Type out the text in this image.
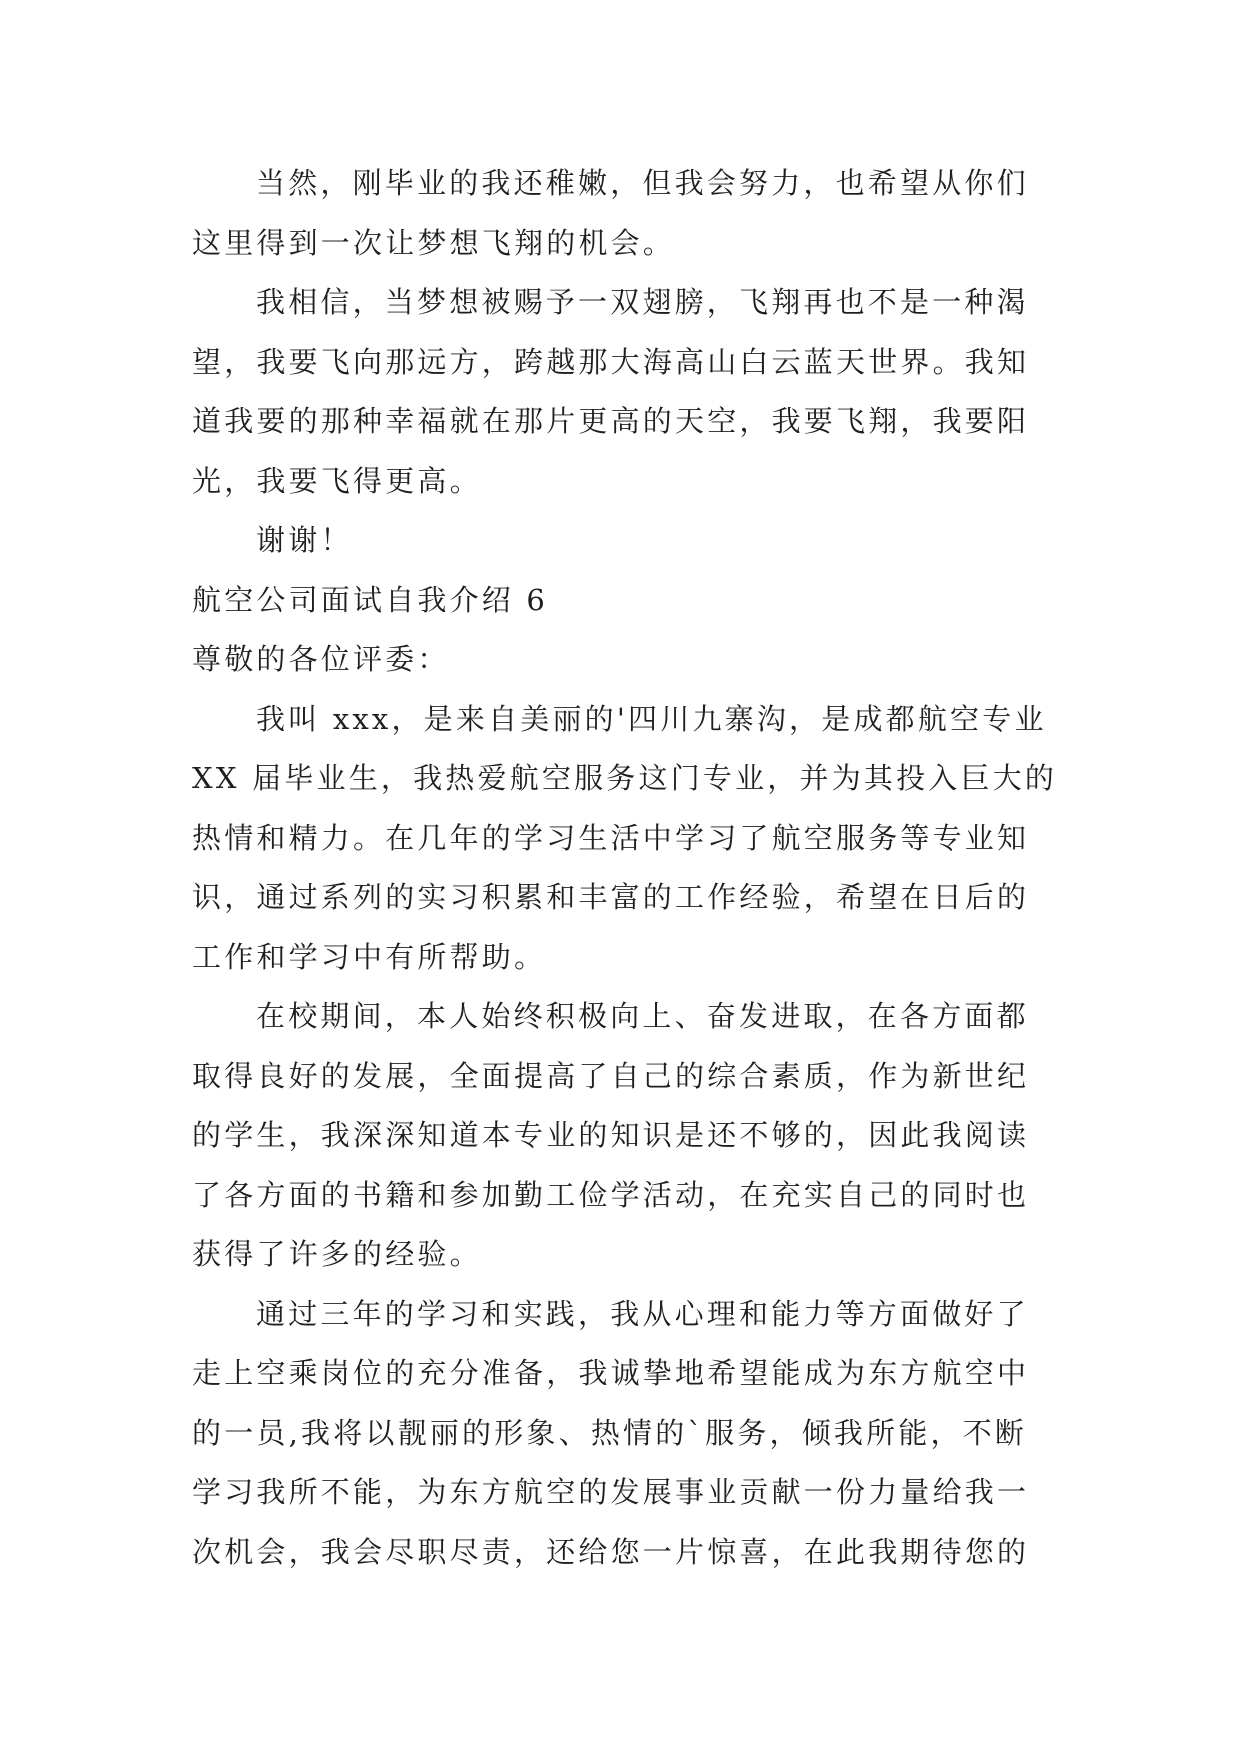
当然，刚毕业的我还稚嫩，但我会努力，也希望从你们
这里得到一次让梦想飞翔的机会。
我相信，当梦想被赐予一双翅膀，飞翔再也不是一种渴
望，我要飞向那远方，跨越那大海高山白云蓝天世界。我知
道我要的那种幸福就在那片更高的天空，我要飞翔，我要阳
光，我要飞得更高。
谢谢！
航空公司面试自我介绍 6
尊敬的各位评委：
我叫 xxx，是来自美丽的'四川九寨沟，是成都航空专业
XX 届毕业生，我热爱航空服务这门专业，并为其投入巨大的
热情和精力。在几年的学习生活中学习了航空服务等专业知
识，通过系列的实习积累和丰富的工作经验，希望在日后的
工作和学习中有所帮助。
在校期间，本人始终积极向上、奋发进取，在各方面都
取得良好的发展，全面提高了自己的综合素质，作为新世纪
的学生，我深深知道本专业的知识是还不够的，因此我阅读
了各方面的书籍和参加勤工俭学活动，在充实自己的同时也
获得了许多的经验。
通过三年的学习和实践，我从心理和能力等方面做好了
走上空乘岗位的充分准备，我诚挚地希望能成为东方航空中
的一员,我将以靓丽的形象、热情的`服务，倾我所能，不断
学习我所不能，为东方航空的发展事业贡献一份力量给我一
次机会，我会尽职尽责，还给您一片惊喜，在此我期待您的
